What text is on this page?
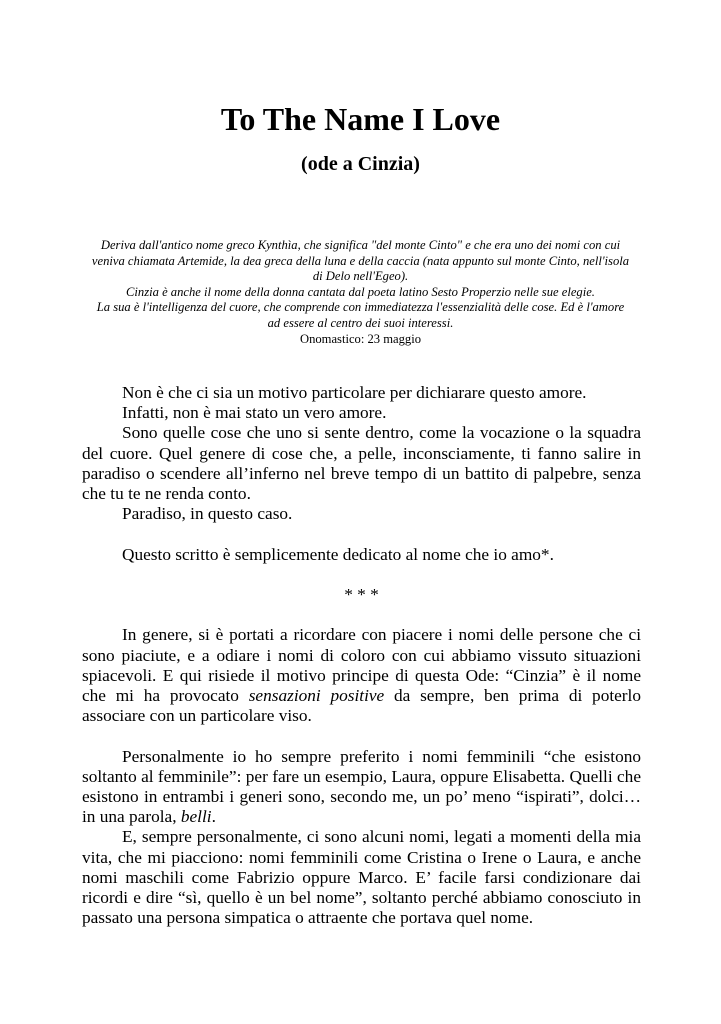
To The Name I Love
(ode a Cinzia)
Deriva dall'antico nome greco Kynthìa, che significa "del monte Cinto" e che era uno dei nomi con cui veniva chiamata Artemide, la dea greca della luna e della caccia (nata appunto sul monte Cinto, nell'isola di Delo nell'Egeo).
Cinzia è anche il nome della donna cantata dal poeta latino Sesto Properzio nelle sue elegie.
La sua è l'intelligenza del cuore, che comprende con immediatezza l'essenzialità delle cose. Ed è l'amore ad essere al centro dei suoi interessi.
Onomastico: 23 maggio

Non è che ci sia un motivo particolare per dichiarare questo amore.

Infatti, non è mai stato un vero amore.

Sono quelle cose che uno si sente dentro, come la vocazione o la squadra del cuore. Quel genere di cose che, a pelle, inconsciamente, ti fanno salire in paradiso o scendere all’inferno nel breve tempo di un battito di palpebre, senza che tu te ne renda conto.

Paradiso, in questo caso.

Questo scritto è semplicemente dedicato al nome che io amo*.

* * *

In genere, si è portati a ricordare con piacere i nomi delle persone che ci sono piaciute, e a odiare i nomi di coloro con cui abbiamo vissuto situazioni spiacevoli. E qui risiede il motivo principe di questa Ode: “Cinzia” è il nome che mi ha provocato sensazioni positive da sempre, ben prima di poterlo associare con un particolare viso.

Personalmente io ho sempre preferito i nomi femminili “che esistono soltanto al femminile”: per fare un esempio, Laura, oppure Elisabetta. Quelli che esistono in entrambi i generi sono, secondo me, un po’ meno “ispirati”, dolci… in una parola, belli.

E, sempre personalmente, ci sono alcuni nomi, legati a momenti della mia vita, che mi piacciono: nomi femminili come Cristina o Irene o Laura, e anche nomi maschili come Fabrizio oppure Marco. E’ facile farsi condizionare dai ricordi e dire “sì, quello è un bel nome”, soltanto perché abbiamo conosciuto in passato una persona simpatica o attraente che portava quel nome.
